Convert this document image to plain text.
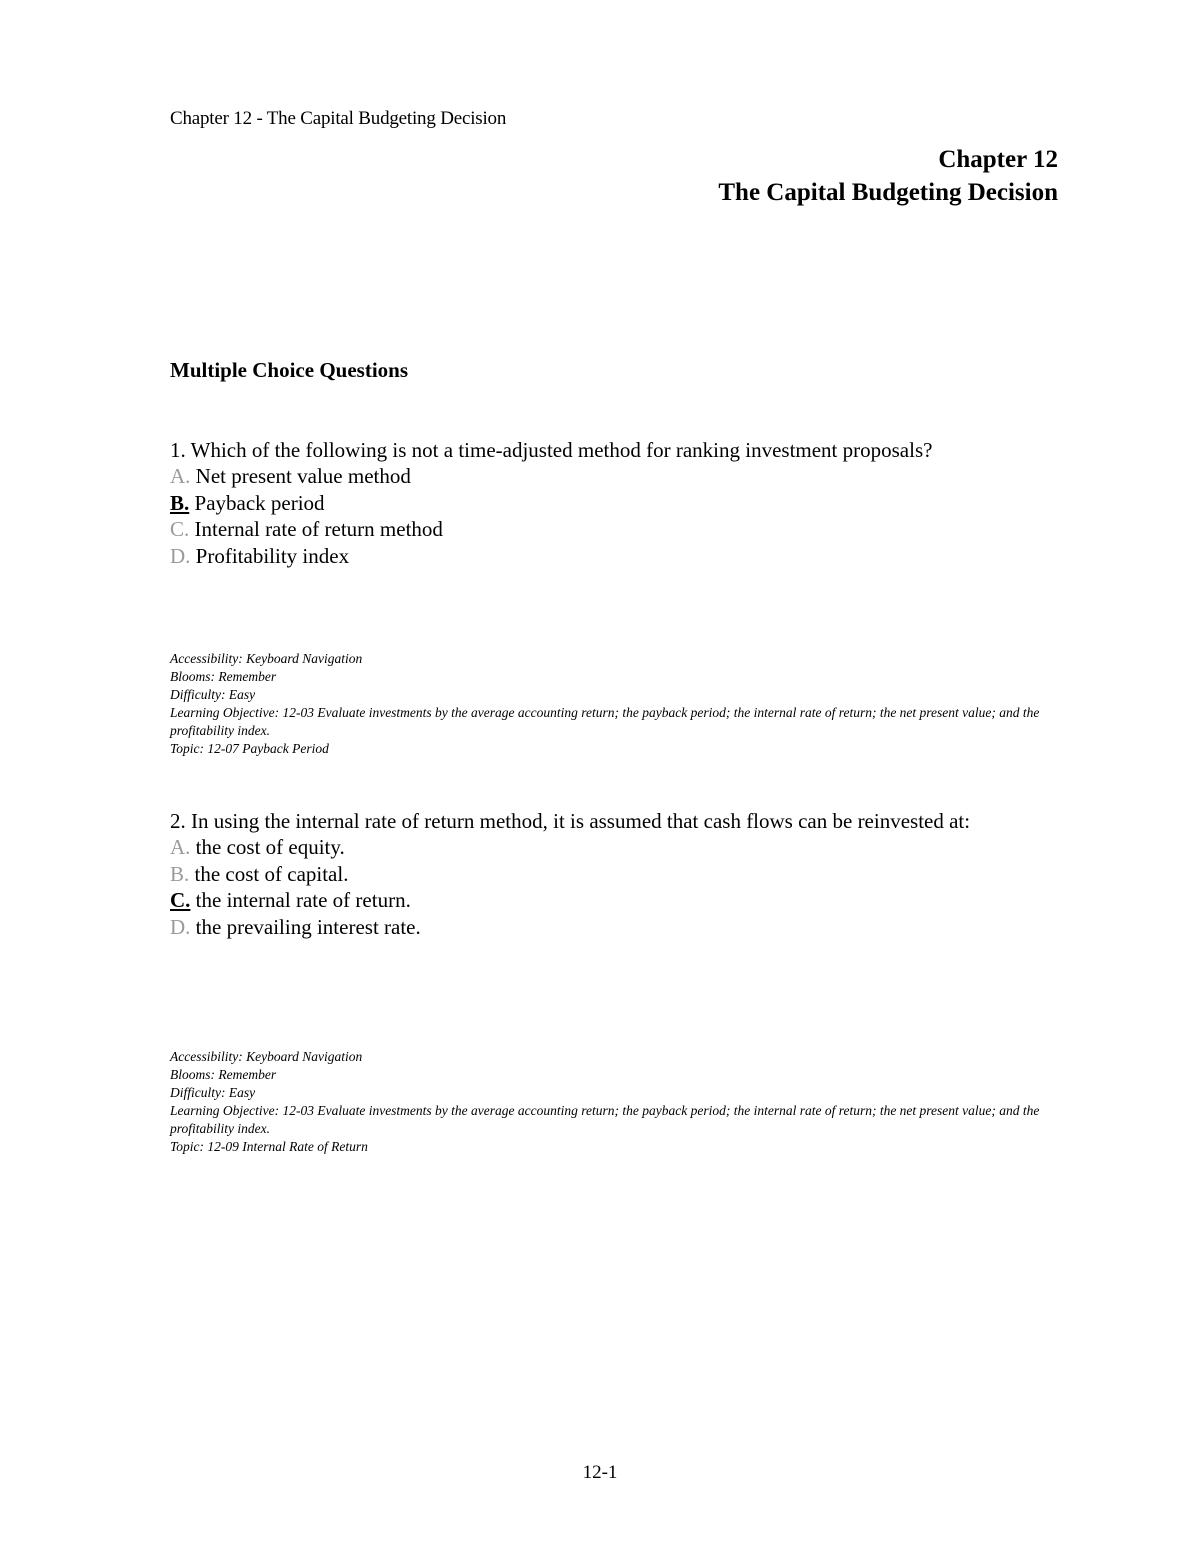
Chapter 12 - The Capital Budgeting Decision
Chapter 12
The Capital Budgeting Decision
Multiple Choice Questions
1. Which of the following is not a time-adjusted method for ranking investment proposals?
A. Net present value method
B. Payback period
C. Internal rate of return method
D. Profitability index
Accessibility: Keyboard Navigation
Blooms: Remember
Difficulty: Easy
Learning Objective: 12-03 Evaluate investments by the average accounting return; the payback period; the internal rate of return; the net present value; and the profitability index.
Topic: 12-07 Payback Period
2. In using the internal rate of return method, it is assumed that cash flows can be reinvested at:
A. the cost of equity.
B. the cost of capital.
C. the internal rate of return.
D. the prevailing interest rate.
Accessibility: Keyboard Navigation
Blooms: Remember
Difficulty: Easy
Learning Objective: 12-03 Evaluate investments by the average accounting return; the payback period; the internal rate of return; the net present value; and the profitability index.
Topic: 12-09 Internal Rate of Return
12-1
